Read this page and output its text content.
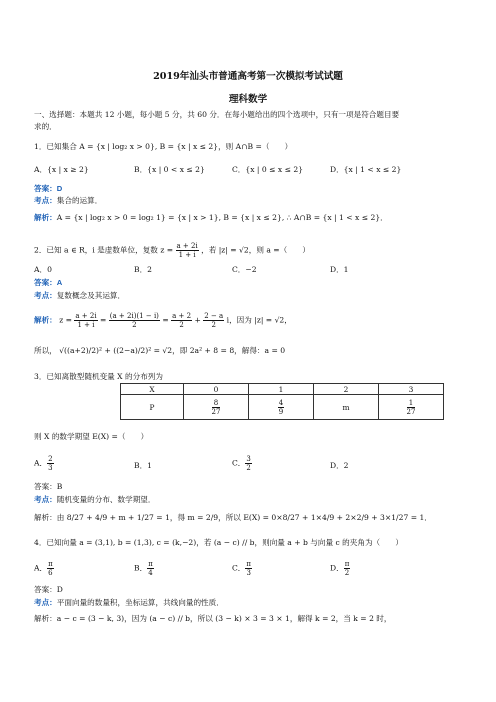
2019年汕头市普通高考第一次模拟考试试题
理科数学
一、选择题：本题共 12 小题，每小题 5 分，共 60 分．在每小题给出的四个选项中，只有一项是符合题目要
求的．
1．已知集合 A = {x | log₂ x > 0}, B = {x | x ≤ 2}，则 A∩B =（　　）
A．{x | x ≥ 2}	B．{x | 0 < x ≤ 2}	C．{x | 0 ≤ x ≤ 2}	D．{x | 1 < x ≤ 2}
答案：D
考点：集合的运算．
解析：A = {x | log₂ x > 0 = log₂ 1} = {x | x > 1}, B = {x | x ≤ 2}, ∴ A∩B = {x | 1 < x ≤ 2}．
2．已知 a ∈ R，i 是虚数单位，复数 $z = \frac{a + 2i}{1 + i}$ ，若 |z| = √2，则 a =（　　）
A．0	B．2	C．−2	D．1
答案：A
考点：复数概念及其运算．
解析： $z = \frac{a + 2i}{1 + i} = \frac{(a + 2i)(1 - i)}{2} = \frac{a + 2}{2} + \frac{2 - a}{2}$ i，因为 |z| = √2，
所以， √((a+2)/2)² + ((2−a)/2)² = √2，即 2a² + 8 = 8，解得：a = 0
3．已知离散型随机变量 X 的分布列为
X	0	1	2	3
P	$\frac{8}{27}$	$\frac{4}{9}$	m	$\frac{1}{27}$
则 X 的数学期望 E(X) =（　　）
A． $\frac{2}{3}$	B．1	C． $\frac{3}{2}$	D．2
答案：B
考点：随机变量的分布、数学期望．
解析：由 8/27 + 4/9 + m + 1/27 = 1，得 m = 2/9，所以 E(X) = 0×8/27 + 1×4/9 + 2×2/9 + 3×1/27 = 1．
4．已知向量 a = (3,1), b = (1,3), c = (k,−2)，若 (a − c) // b，则向量 a + b 与向量 c 的夹角为（　　）
A． $\frac{\pi}{6}$	B． $\frac{\pi}{4}$	C． $\frac{\pi}{3}$	D． $\frac{\pi}{2}$
答案：D
考点：平面向量的数量积，坐标运算，共线向量的性质．
解析：a − c = (3 − k, 3)，因为 (a − c) // b，所以 (3 − k) × 3 = 3 × 1，解得 k = 2，当 k = 2 时，
